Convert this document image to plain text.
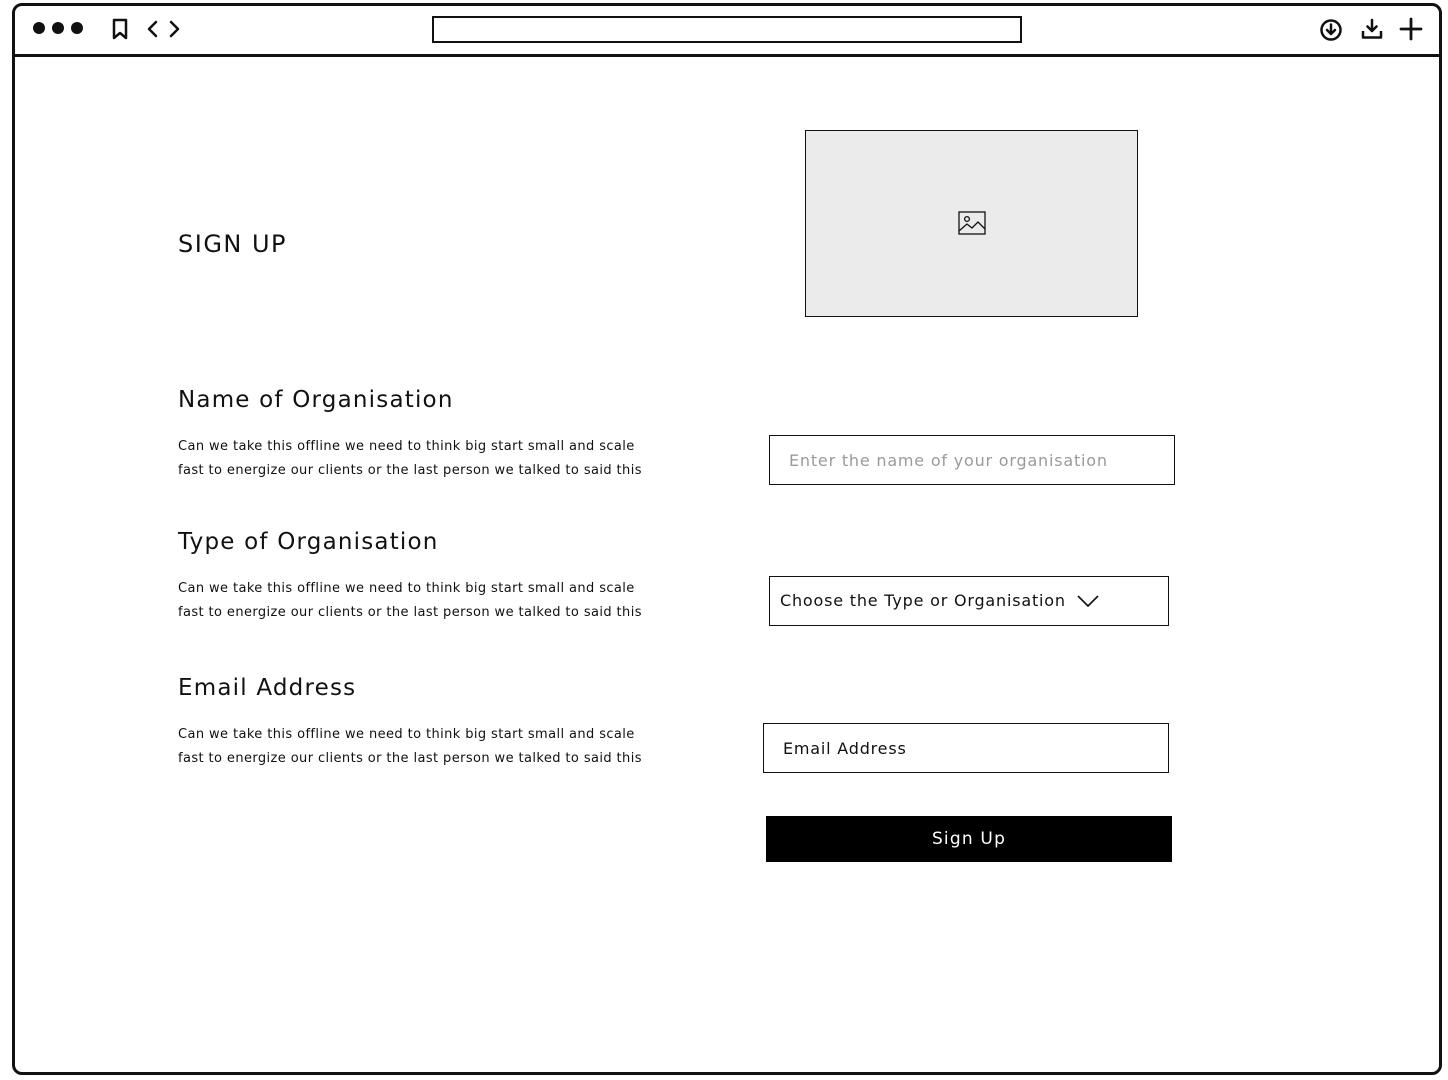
SIGN UP
Name of Organisation

Can we take this offline we need to think big start small and scale fast to energize our clients or the last person we talked to said this

Enter the name of your organisation
Type of Organisation

Can we take this offline we need to think big start small and scale fast to energize our clients or the last person we talked to said this

Choose the Type or Organisation
Email Address

Can we take this offline we need to think big start small and scale fast to energize our clients or the last person we talked to said this

Email Address
Sign Up
